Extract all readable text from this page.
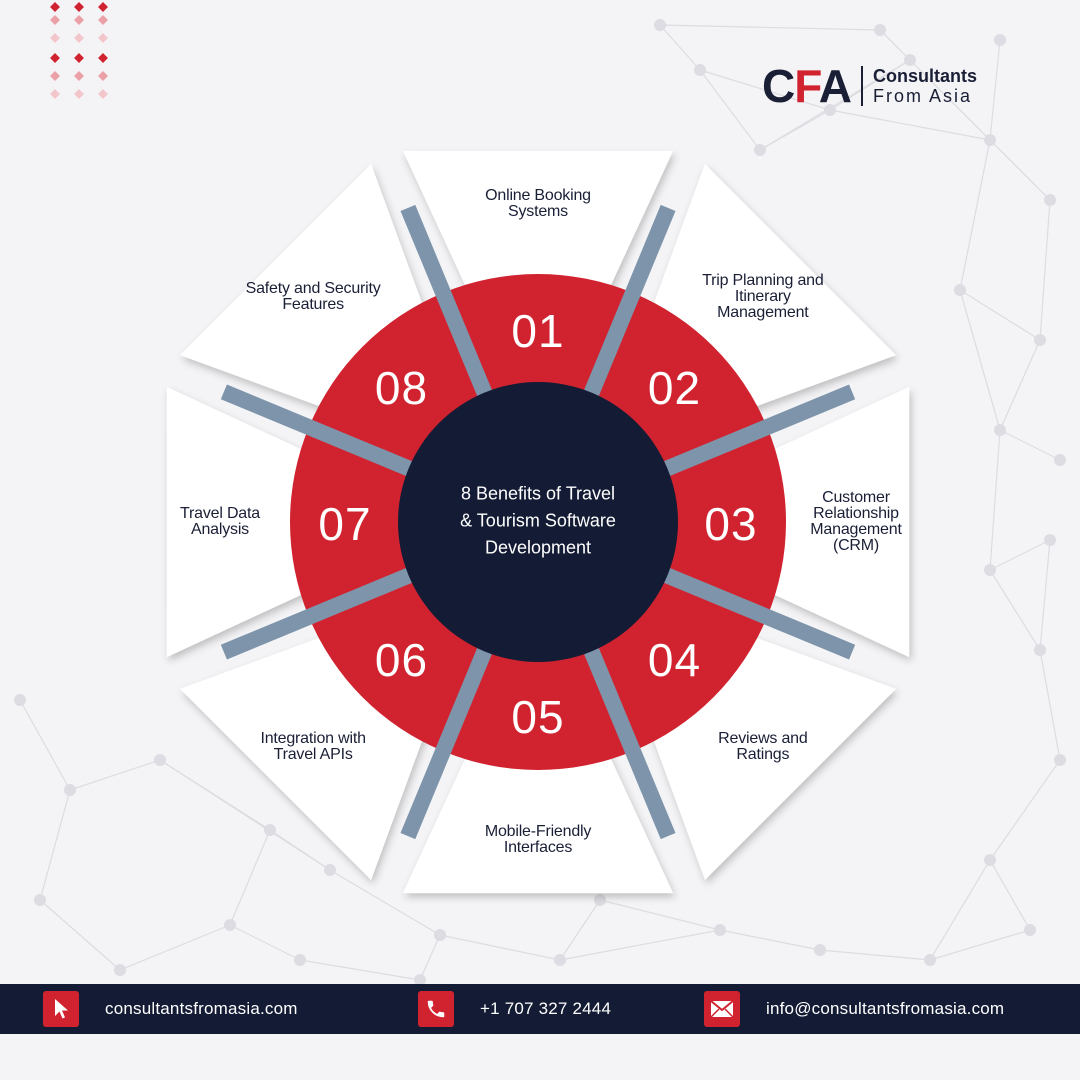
CFA Consultants
From Asia
8 Benefits of Travel
& Tourism Software
Development
01
Online Booking
Systems
02
Trip Planning and
Itinerary
Management
03
Customer
Relationship
Management
(CRM)
04
Reviews and
Ratings
05
Mobile-Friendly
Interfaces
06
Integration with
Travel APIs
07
Travel Data
Analysis
08
Safety and Security
Features
consultantsfromasia.com	+1 707 327 2444	info@consultantsfromasia.com
